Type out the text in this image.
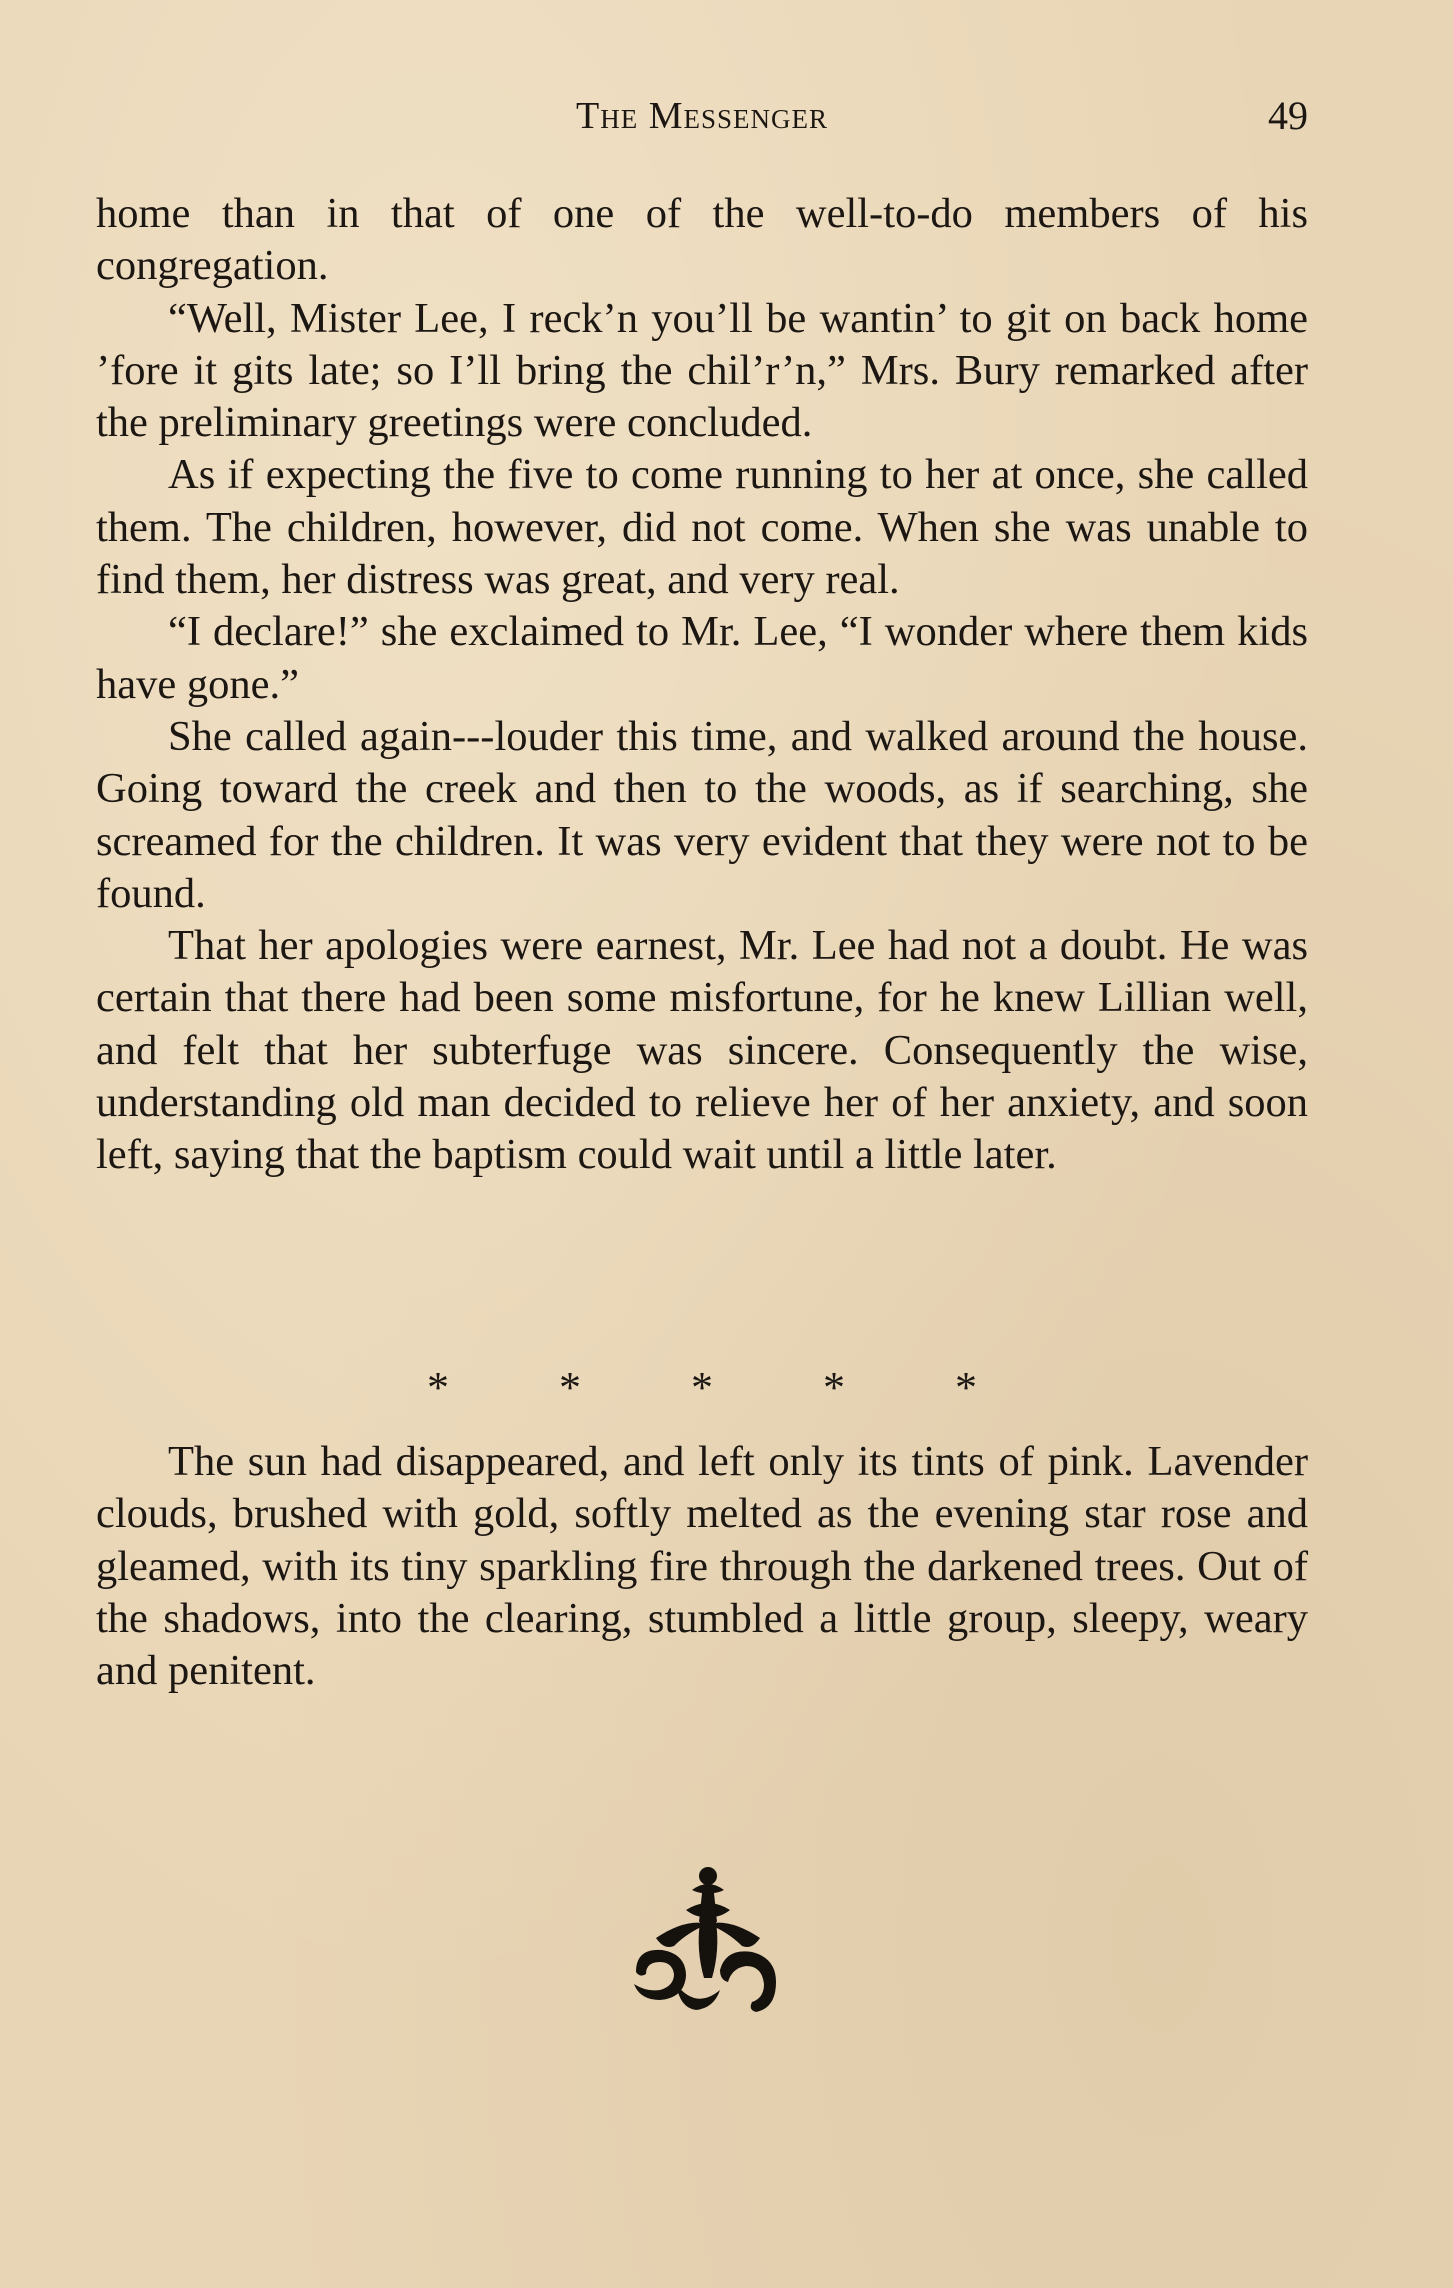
The Messenger	49

home than in that of one of the well-to-do members of his congregation.

“Well, Mister Lee, I reck’n you’ll be wantin’ to git on back home ’fore it gits late; so I’ll bring the chil’r’n,” Mrs. Bury remarked after the preliminary greetings were concluded.

As if expecting the five to come running to her at once, she called them. The children, however, did not come. When she was unable to find them, her distress was great, and very real.

“I declare!” she exclaimed to Mr. Lee, “I wonder where them kids have gone.”

She called again---louder this time, and walked around the house. Going toward the creek and then to the woods, as if searching, she screamed for the children. It was very evident that they were not to be found.

That her apologies were earnest, Mr. Lee had not a doubt. He was certain that there had been some misfortune, for he knew Lillian well, and felt that her subterfuge was sincere. Consequently the wise, understanding old man decided to relieve her of her anxiety, and soon left, saying that the baptism could wait until a little later.

*	*	*	*	*

The sun had disappeared, and left only its tints of pink. Lavender clouds, brushed with gold, softly melted as the evening star rose and gleamed, with its tiny sparkling fire through the darkened trees. Out of the shadows, into the clearing, stumbled a little group, sleepy, weary and penitent.
